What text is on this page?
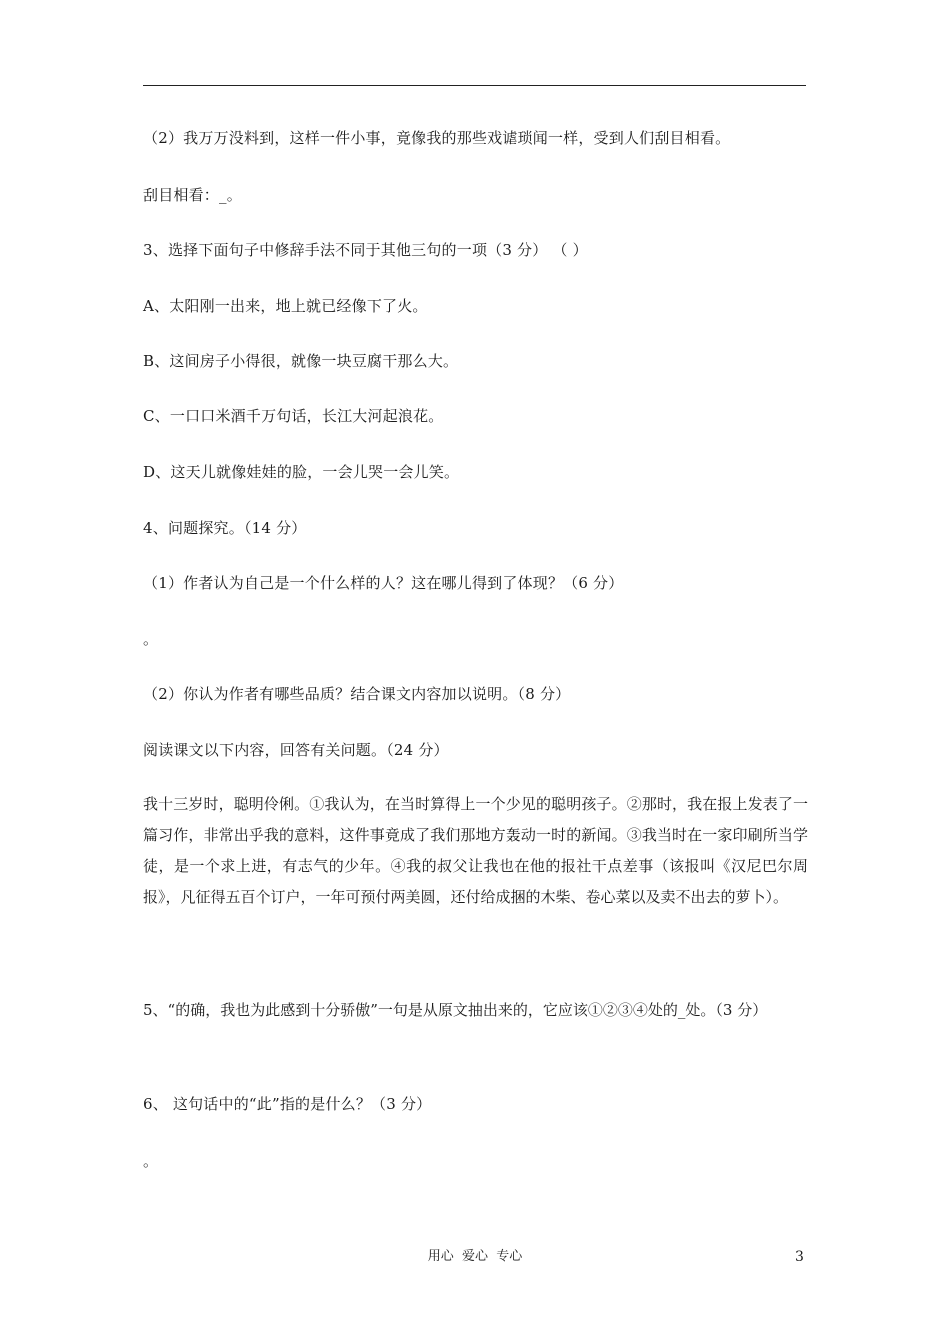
（2）我万万没料到，这样一件小事，竟像我的那些戏谑琐闻一样，受到人们刮目相看。
刮目相看：_。
3、选择下面句子中修辞手法不同于其他三句的一项（3 分） （ ）
A、太阳刚一出来，地上就已经像下了火。
B、这间房子小得很，就像一块豆腐干那么大。
C、一口口米酒千万句话，长江大河起浪花。
D、这天儿就像娃娃的脸，一会儿哭一会儿笑。
4、问题探究。（14 分）
（1）作者认为自己是一个什么样的人？这在哪儿得到了体现？（6 分）
。
（2）你认为作者有哪些品质？结合课文内容加以说明。（8 分）
阅读课文以下内容，回答有关问题。（24 分）
我十三岁时，聪明伶俐。①我认为，在当时算得上一个少见的聪明孩子。②那时，我在报上发表了一篇习作，非常出乎我的意料，这件事竟成了我们那地方轰动一时的新闻。③我当时在一家印刷所当学徒，是一个求上进，有志气的少年。④我的叔父让我也在他的报社干点差事（该报叫《汉尼巴尔周报》，凡征得五百个订户，一年可预付两美圆，还付给成捆的木柴、卷心菜以及卖不出去的萝卜）。
5、“的确，我也为此感到十分骄傲”一句是从原文抽出来的，它应该①②③④处的_处。（3 分）
6、 这句话中的“此”指的是什么？（3 分）
。
用心  爱心  专心	3
